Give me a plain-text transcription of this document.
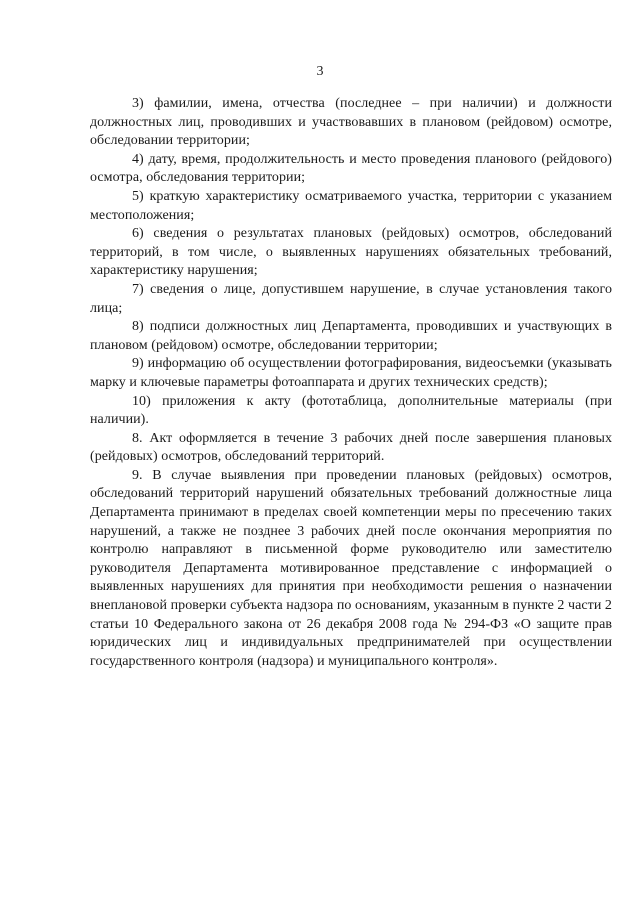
3

3) фамилии, имена, отчества (последнее – при наличии) и должности должностных лиц, проводивших и участвовавших в плановом (рейдовом) осмотре, обследовании территории;

4) дату, время, продолжительность и место проведения планового (рейдового) осмотра, обследования территории;

5) краткую характеристику осматриваемого участка, территории с указанием местоположения;

6) сведения о результатах плановых (рейдовых) осмотров, обследований территорий, в том числе, о выявленных нарушениях обязательных требований, характеристику нарушения;

7) сведения о лице, допустившем нарушение, в случае установления такого лица;

8) подписи должностных лиц Департамента, проводивших и участвующих в плановом (рейдовом) осмотре, обследовании территории;

9) информацию об осуществлении фотографирования, видеосъемки (указывать марку и ключевые параметры фотоаппарата и других технических средств);

10) приложения к акту (фототаблица, дополнительные материалы (при наличии).

8. Акт оформляется в течение 3 рабочих дней после завершения плановых (рейдовых) осмотров, обследований территорий.

9. В случае выявления при проведении плановых (рейдовых) осмотров, обследований территорий нарушений обязательных требований должностные лица Департамента принимают в пределах своей компетенции меры по пресечению таких нарушений, а также не позднее 3 рабочих дней после окончания мероприятия по контролю направляют в письменной форме руководителю или заместителю руководителя Департамента мотивированное представление с информацией о выявленных нарушениях для принятия при необходимости решения о назначении внеплановой проверки субъекта надзора по основаниям, указанным в пункте 2 части 2 статьи 10 Федерального закона от 26 декабря 2008 года № 294-ФЗ «О защите прав юридических лиц и индивидуальных предпринимателей при осуществлении государственного контроля (надзора) и муниципального контроля».
